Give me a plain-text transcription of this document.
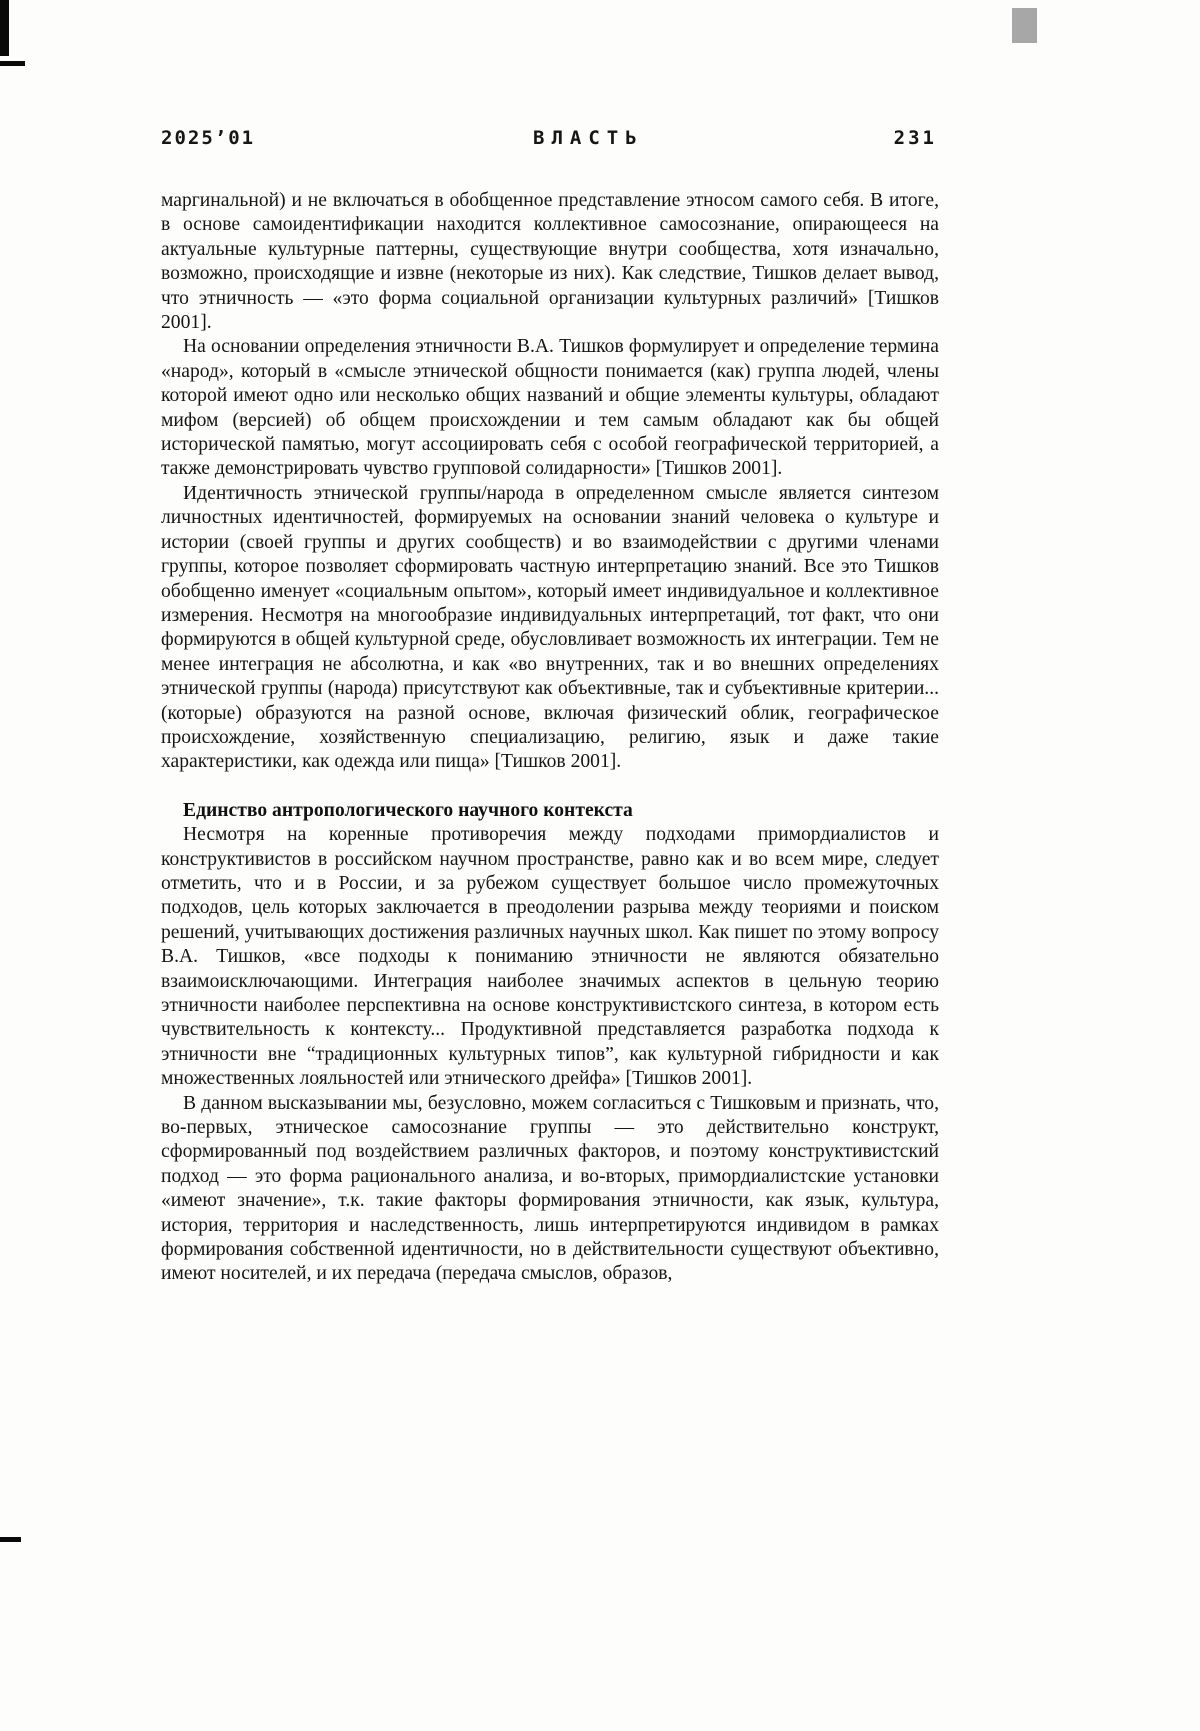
2025’01	ВЛАСТЬ	231

маргинальной) и не включаться в обобщенное представление этносом самого себя. В итоге, в основе самоидентификации находится коллективное самосознание, опирающееся на актуальные культурные паттерны, существующие внутри сообщества, хотя изначально, возможно, происходящие и извне (некоторые из них). Как следствие, Тишков делает вывод, что этничность — «это форма социальной организации культурных различий» [Тишков 2001].

На основании определения этничности В.А. Тишков формулирует и определение термина «народ», который в «смысле этнической общности понимается (как) группа людей, члены которой имеют одно или несколько общих названий и общие элементы культуры, обладают мифом (версией) об общем происхождении и тем самым обладают как бы общей исторической памятью, могут ассоциировать себя с особой географической территорией, а также демонстрировать чувство групповой солидарности» [Тишков 2001].

Идентичность этнической группы/народа в определенном смысле является синтезом личностных идентичностей, формируемых на основании знаний человека о культуре и истории (своей группы и других сообществ) и во взаимодействии с другими членами группы, которое позволяет сформировать частную интерпретацию знаний. Все это Тишков обобщенно именует «социальным опытом», который имеет индивидуальное и коллективное измерения. Несмотря на многообразие индивидуальных интерпретаций, тот факт, что они формируются в общей культурной среде, обусловливает возможность их интеграции. Тем не менее интеграция не абсолютна, и как «во внутренних, так и во внешних определениях этнической группы (народа) присутствуют как объективные, так и субъективные критерии... (которые) образуются на разной основе, включая физический облик, географическое происхождение, хозяйственную специализацию, религию, язык и даже такие характеристики, как одежда или пища» [Тишков 2001].

Единство антропологического научного контекста

Несмотря на коренные противоречия между подходами примордиалистов и конструктивистов в российском научном пространстве, равно как и во всем мире, следует отметить, что и в России, и за рубежом существует большое число промежуточных подходов, цель которых заключается в преодолении разрыва между теориями и поиском решений, учитывающих достижения различных научных школ. Как пишет по этому вопросу В.А. Тишков, «все подходы к пониманию этничности не являются обязательно взаимоисключающими. Интеграция наиболее значимых аспектов в цельную теорию этничности наиболее перспективна на основе конструктивистского синтеза, в котором есть чувствительность к контексту... Продуктивной представляется разработка подхода к этничности вне “традиционных культурных типов”, как культурной гибридности и как множественных лояльностей или этнического дрейфа» [Тишков 2001].

В данном высказывании мы, безусловно, можем согласиться с Тишковым и признать, что, во-первых, этническое самосознание группы — это действительно конструкт, сформированный под воздействием различных факторов, и поэтому конструктивистский подход — это форма рационального анализа, и во-вторых, примордиалистские установки «имеют значение», т.к. такие факторы формирования этничности, как язык, культура, история, территория и наследственность, лишь интерпретируются индивидом в рамках формирования собственной идентичности, но в действительности существуют объективно, имеют носителей, и их передача (передача смыслов, образов,
